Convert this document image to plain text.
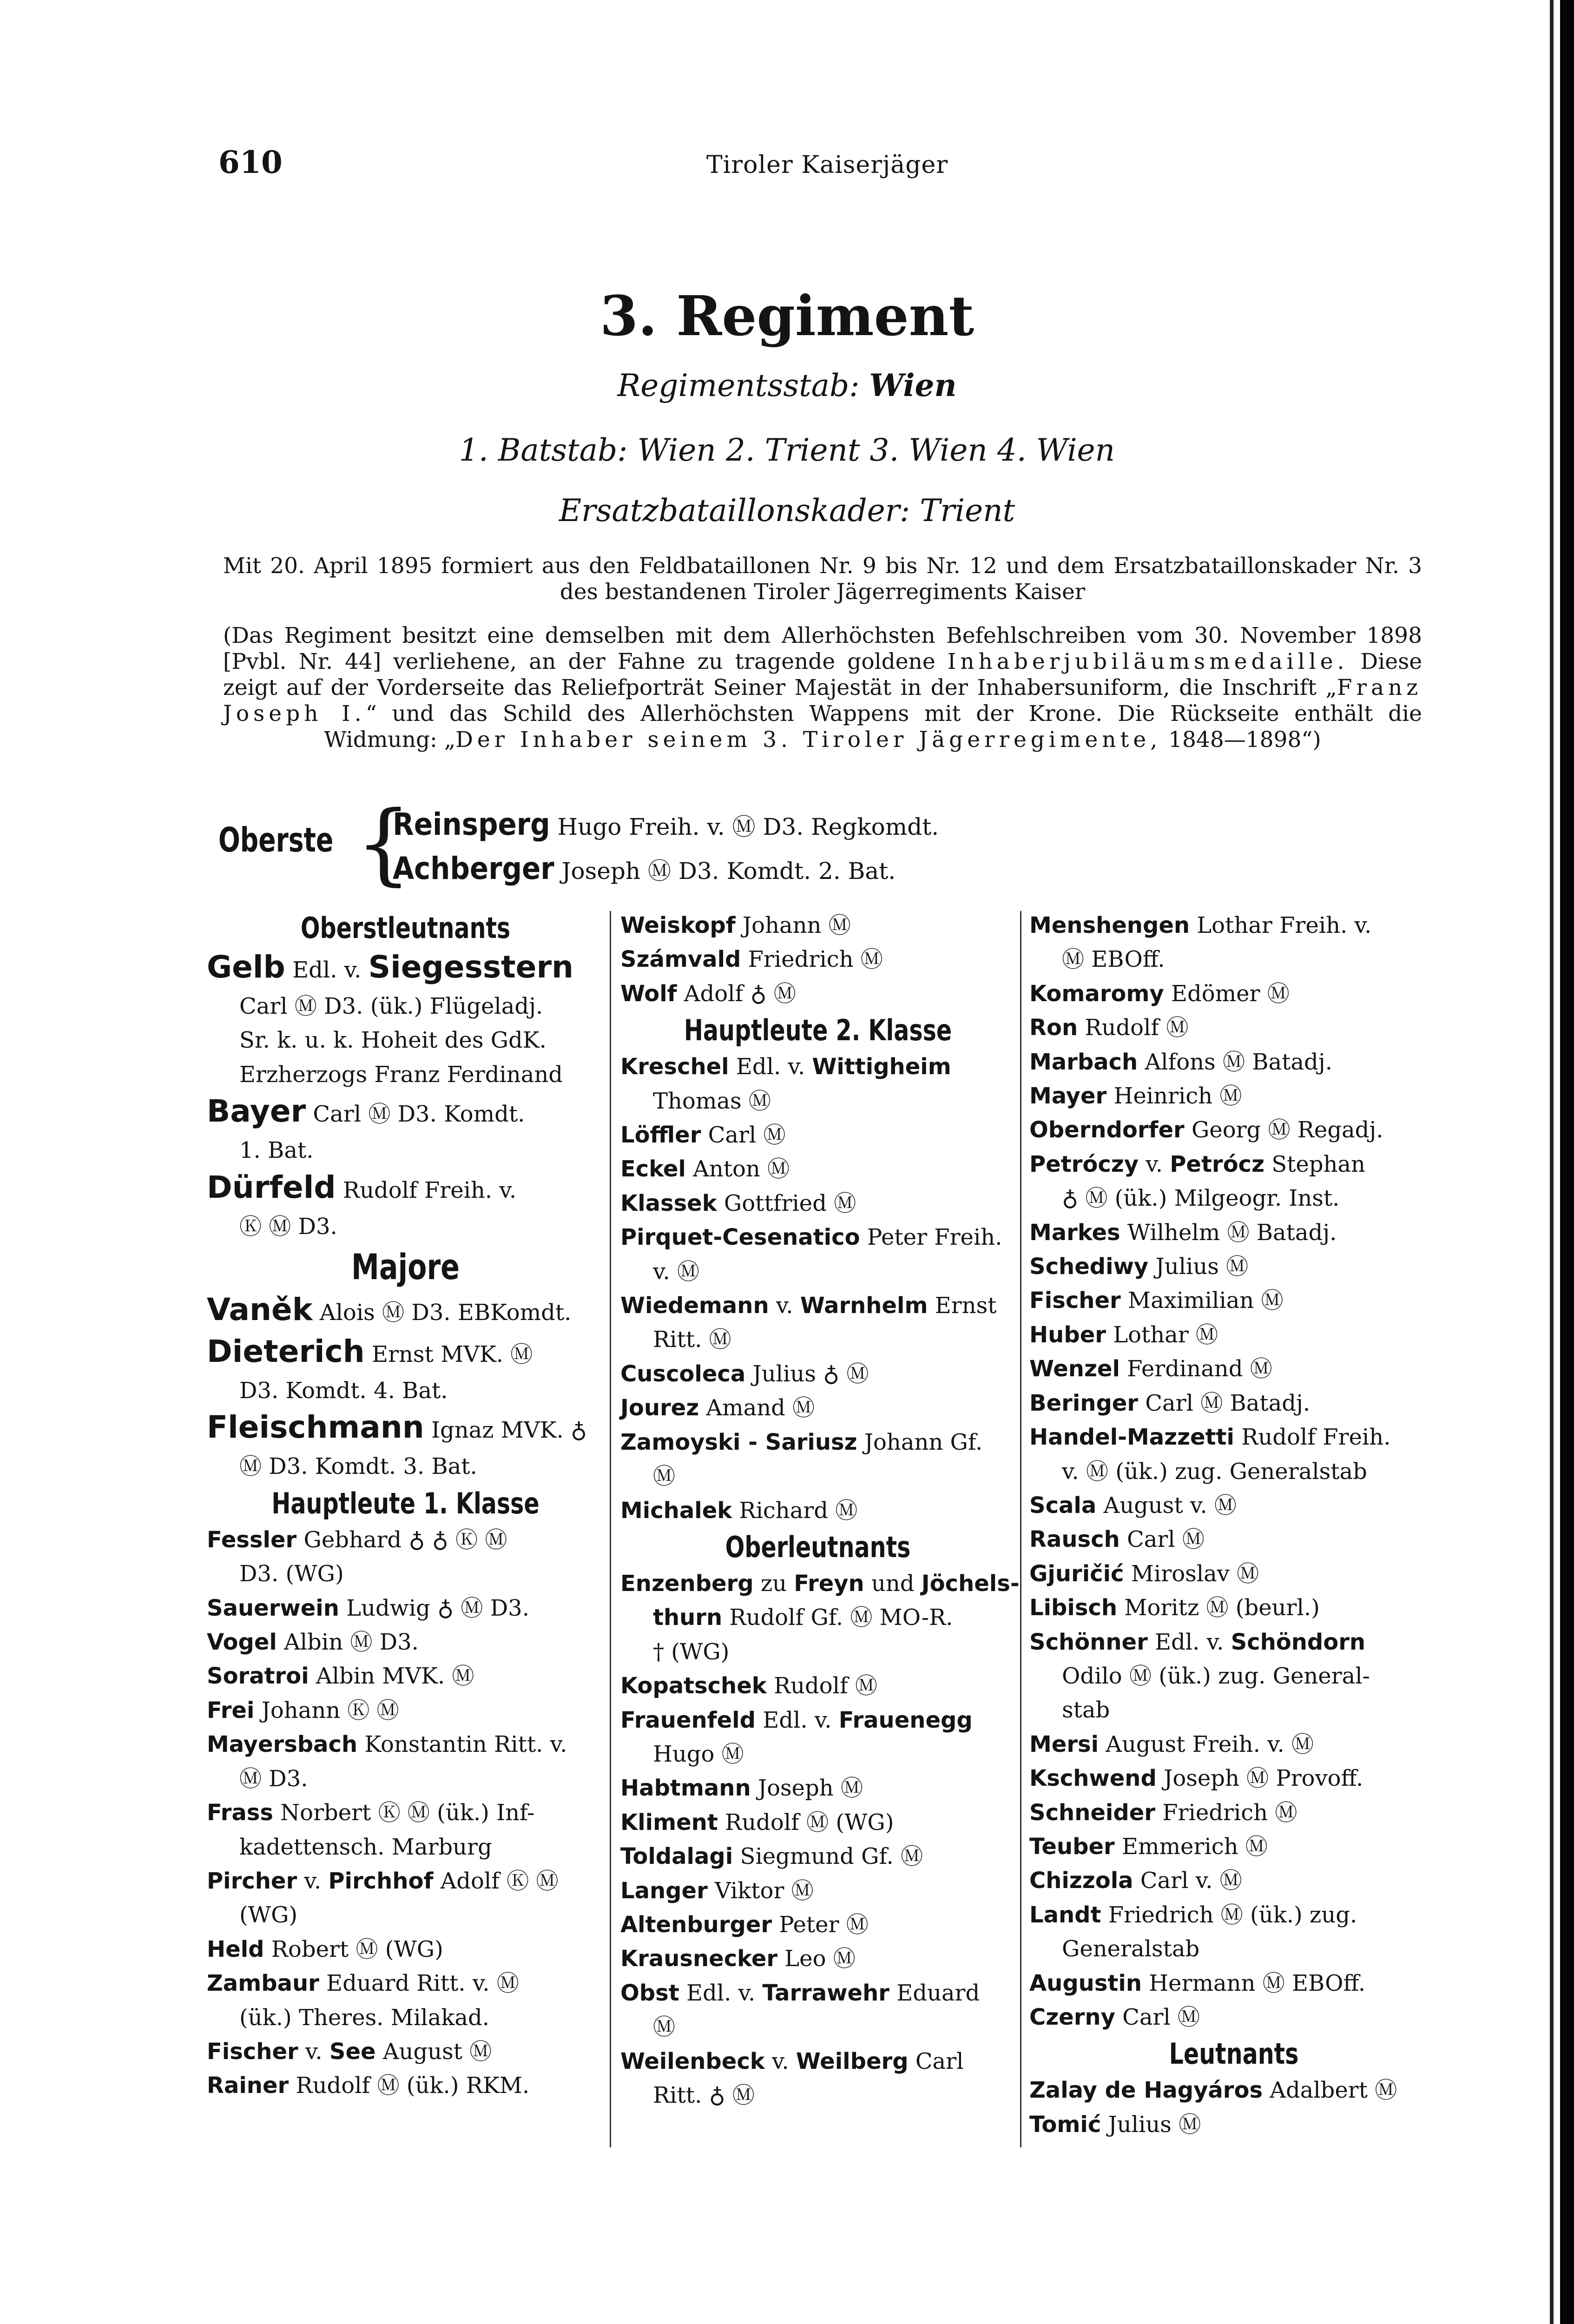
610	Tiroler Kaiserjäger
3. Regiment
Regimentsstab: Wien
1. Batstab: Wien 2. Trient 3. Wien 4. Wien
Ersatzbataillonskader: Trient
Mit 20. April 1895 formiert aus den Feldbataillonen Nr. 9 bis Nr. 12 und dem Ersatzbataillonskader Nr. 3 des bestandenen Tiroler Jägerregiments Kaiser
(Das Regiment besitzt eine demselben mit dem Allerhöchsten Befehlschreiben vom 30. November 1898 [Pvbl. Nr. 44] verliehene, an der Fahne zu tragende goldene Inhaberjubiläumsmedaille. Diese zeigt auf der Vorderseite das Reliefporträt Seiner Majestät in der Inhabersuniform, die Inschrift „Franz Joseph I.“ und das Schild des Allerhöchsten Wappens mit der Krone. Die Rückseite enthält die Widmung: „Der Inhaber seinem 3. Tiroler Jägerregimente, 1848—1898“)
Oberste {
Reinsperg Hugo Freih. v. Ⓜ D3. Regkomdt.
Achberger Joseph Ⓜ D3. Komdt. 2. Bat.
Oberstleutnants
Gelb Edl. v. Siegesstern
Carl Ⓜ D3. (ük.) Flügeladj.
Sr. k. u. k. Hoheit des GdK.
Erzherzogs Franz Ferdinand
Bayer Carl Ⓜ D3. Komdt.
1. Bat.
Dürfeld Rudolf Freih. v.
Ⓚ Ⓜ D3.
Majore
Vaněk Alois Ⓜ D3. EBKomdt.
Dieterich Ernst MVK. Ⓜ
D3. Komdt. 4. Bat.
Fleischmann Ignaz MVK. ♁
Ⓜ D3. Komdt. 3. Bat.
Hauptleute 1. Klasse
Fessler Gebhard ♁ ♁ Ⓚ Ⓜ
D3. (WG)
Sauerwein Ludwig ♁ Ⓜ D3.
Vogel Albin Ⓜ D3.
Soratroi Albin MVK. Ⓜ
Frei Johann Ⓚ Ⓜ
Mayersbach Konstantin Ritt. v.
Ⓜ D3.
Frass Norbert Ⓚ Ⓜ (ük.) Inf-
kadettensch. Marburg
Pircher v. Pirchhof Adolf Ⓚ Ⓜ
(WG)
Held Robert Ⓜ (WG)
Zambaur Eduard Ritt. v. Ⓜ
(ük.) Theres. Milakad.
Fischer v. See August Ⓜ
Rainer Rudolf Ⓜ (ük.) RKM.
Weiskopf Johann Ⓜ
Számvald Friedrich Ⓜ
Wolf Adolf ♁ Ⓜ
Hauptleute 2. Klasse
Kreschel Edl. v. Wittigheim
Thomas Ⓜ
Löffler Carl Ⓜ
Eckel Anton Ⓜ
Klassek Gottfried Ⓜ
Pirquet-Cesenatico Peter Freih.
v. Ⓜ
Wiedemann v. Warnhelm Ernst
Ritt. Ⓜ
Cuscoleca Julius ♁ Ⓜ
Jourez Amand Ⓜ
Zamoyski - Sariusz Johann Gf.
Ⓜ
Michalek Richard Ⓜ
Oberleutnants
Enzenberg zu Freyn und Jöchels-
thurn Rudolf Gf. Ⓜ MO-R.
† (WG)
Kopatschek Rudolf Ⓜ
Frauenfeld Edl. v. Frauenegg
Hugo Ⓜ
Habtmann Joseph Ⓜ
Kliment Rudolf Ⓜ (WG)
Toldalagi Siegmund Gf. Ⓜ
Langer Viktor Ⓜ
Altenburger Peter Ⓜ
Krausnecker Leo Ⓜ
Obst Edl. v. Tarrawehr Eduard
Ⓜ
Weilenbeck v. Weilberg Carl
Ritt. ♁ Ⓜ
Menshengen Lothar Freih. v.
Ⓜ EBOff.
Komaromy Edömer Ⓜ
Ron Rudolf Ⓜ
Marbach Alfons Ⓜ Batadj.
Mayer Heinrich Ⓜ
Oberndorfer Georg Ⓜ Regadj.
Petróczy v. Petrócz Stephan
♁ Ⓜ (ük.) Milgeogr. Inst.
Markes Wilhelm Ⓜ Batadj.
Schediwy Julius Ⓜ
Fischer Maximilian Ⓜ
Huber Lothar Ⓜ
Wenzel Ferdinand Ⓜ
Beringer Carl Ⓜ Batadj.
Handel-Mazzetti Rudolf Freih.
v. Ⓜ (ük.) zug. Generalstab
Scala August v. Ⓜ
Rausch Carl Ⓜ
Gjuričić Miroslav Ⓜ
Libisch Moritz Ⓜ (beurl.)
Schönner Edl. v. Schöndorn
Odilo Ⓜ (ük.) zug. General-
stab
Mersi August Freih. v. Ⓜ
Kschwend Joseph Ⓜ Provoff.
Schneider Friedrich Ⓜ
Teuber Emmerich Ⓜ
Chizzola Carl v. Ⓜ
Landt Friedrich Ⓜ (ük.) zug.
Generalstab
Augustin Hermann Ⓜ EBOff.
Czerny Carl Ⓜ
Leutnants
Zalay de Hagyáros Adalbert Ⓜ
Tomić Julius Ⓜ
